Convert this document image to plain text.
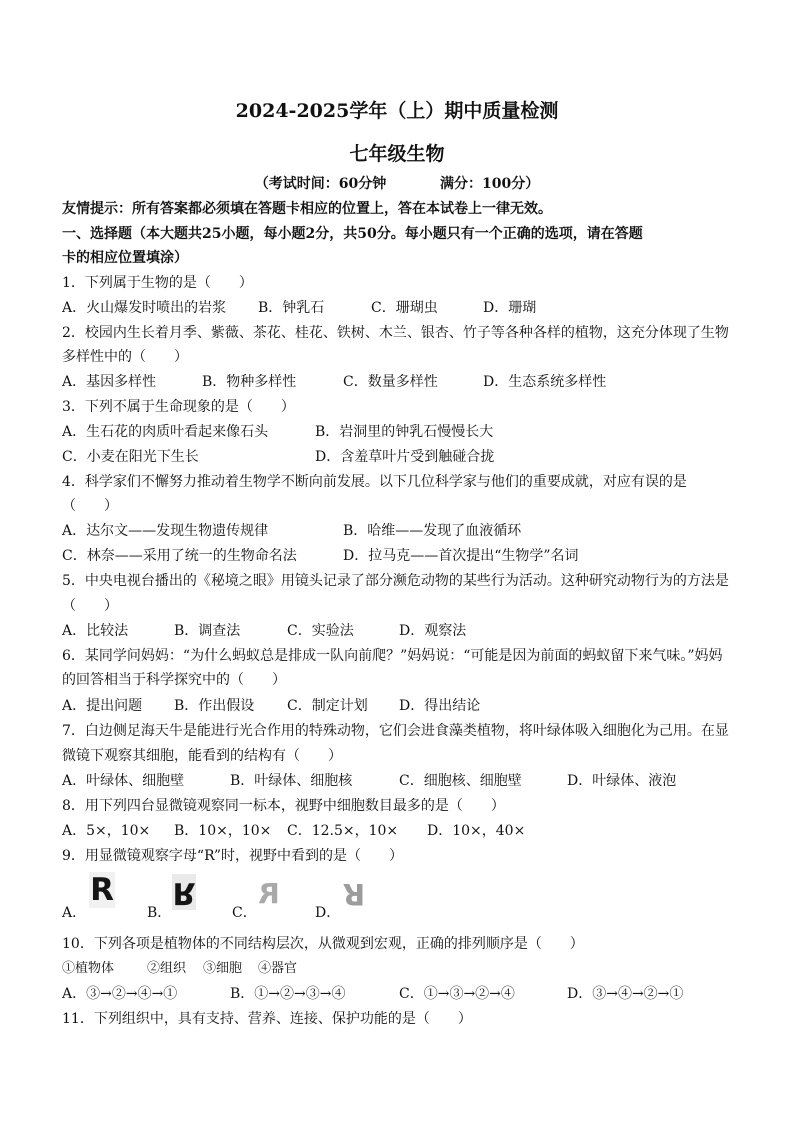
2024-2025学年（上）期中质量检测
七年级生物
（考试时间：60分钟	满分：100分）
友情提示：所有答案都必须填在答题卡相应的位置上，答在本试卷上一律无效。
一、选择题（本大题共25小题，每小题2分，共50分。每小题只有一个正确的选项，请在答题
卡的相应位置填涂）
1．下列属于生物的是（　　）
A．火山爆发时喷出的岩浆 B．钟乳石	C．珊瑚虫	D．珊瑚
2．校园内生长着月季、紫薇、茶花、桂花、铁树、木兰、银杏、竹子等各种各样的植物，这充分体现了生物
多样性中的（　　）
A．基因多样性	B．物种多样性	C．数量多样性	D．生态系统多样性
3．下列不属于生命现象的是（　　）
A．生石花的肉质叶看起来像石头	B．岩洞里的钟乳石慢慢长大
C．小麦在阳光下生长	D．含羞草叶片受到触碰合拢
4．科学家们不懈努力推动着生物学不断向前发展。以下几位科学家与他们的重要成就，对应有误的是
（　　）
A．达尔文——发现生物遗传规律	B．哈维——发现了血液循环
C．林奈——采用了统一的生物命名法	D．拉马克——首次提出“生物学”名词
5．中央电视台播出的《秘境之眼》用镜头记录了部分濒危动物的某些行为活动。这种研究动物行为的方法是
（　　）
A．比较法	B．调查法	C．实验法	D．观察法
6．某同学问妈妈：“为什么蚂蚁总是排成一队向前爬？”妈妈说：“可能是因为前面的蚂蚁留下来气味。”妈妈
的回答相当于科学探究中的（　　）
A．提出问题 B．作出假设 C．制定计划 D．得出结论
7．白边侧足海天牛是能进行光合作用的特殊动物，它们会进食藻类植物，将叶绿体吸入细胞化为己用。在显
微镜下观察其细胞，能看到的结构有（　　）
A．叶绿体、细胞壁	B．叶绿体、细胞核	C．细胞核、细胞壁	D．叶绿体、液泡
8．用下列四台显微镜观察同一标本，视野中细胞数目最多的是（　　）
A．5×，10× B．10×，10× C．12.5×，10× D．10×，40×
9．用显微镜观察字母“R”时，视野中看到的是（　　）
A．
R
B．
R
C．
R
D．
R
10．下列各项是植物体的不同结构层次，从微观到宏观，正确的排列顺序是（　　）
①植物体	②组织 ③细胞 ④器官
A．③→②→④→①	B．①→②→③→④	C．①→③→②→④	D．③→④→②→①
11．下列组织中，具有支持、营养、连接、保护功能的是（　　）
